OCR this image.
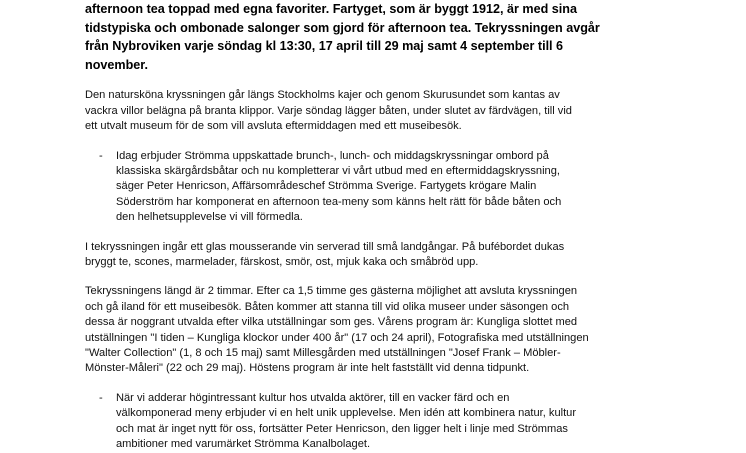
afternoon tea toppad med egna favoriter. Fartyget, som är byggt 1912, är med sina
tidstypiska och ombonade salonger som gjord för afternoon tea. Tekryssningen avgår
från Nybroviken varje söndag kl 13:30, 17 april till 29 maj samt 4 september till 6
november.

Den natursköna kryssningen går längs Stockholms kajer och genom Skurusundet som kantas av
vackra villor belägna på branta klippor. Varje söndag lägger båten, under slutet av färdvägen, till vid
ett utvalt museum för de som vill avsluta eftermiddagen med ett museibesök.

- Idag erbjuder Strömma uppskattade brunch-, lunch- och middagskryssningar ombord på
klassiska skärgårdsbåtar och nu kompletterar vi vårt utbud med en eftermiddagskryssning,
säger Peter Henricson, Affärsområdeschef Strömma Sverige. Fartygets krögare Malin
Söderström har komponerat en afternoon tea-meny som känns helt rätt för både båten och
den helhetsupplevelse vi vill förmedla.

I tekryssningen ingår ett glas mousserande vin serverad till små landgångar. På bufébordet dukas
bryggt te, scones, marmelader, färskost, smör, ost, mjuk kaka och småbröd upp.

Tekryssningens längd är 2 timmar. Efter ca 1,5 timme ges gästerna möjlighet att avsluta kryssningen
och gå iland för ett museibesök. Båten kommer att stanna till vid olika museer under säsongen och
dessa är noggrant utvalda efter vilka utställningar som ges. Vårens program är: Kungliga slottet med
utställningen "I tiden – Kungliga klockor under 400 år" (17 och 24 april), Fotografiska med utställningen
"Walter Collection" (1, 8 och 15 maj) samt Millesgården med utställningen "Josef Frank – Möbler-
Mönster-Måleri" (22 och 29 maj). Höstens program är inte helt fastställt vid denna tidpunkt.

- När vi adderar högintressant kultur hos utvalda aktörer, till en vacker färd och en
välkomponerad meny erbjuder vi en helt unik upplevelse. Men idén att kombinera natur, kultur
och mat är inget nytt för oss, fortsätter Peter Henricson, den ligger helt i linje med Strömmas
ambitioner med varumärket Strömma Kanalbolaget.
